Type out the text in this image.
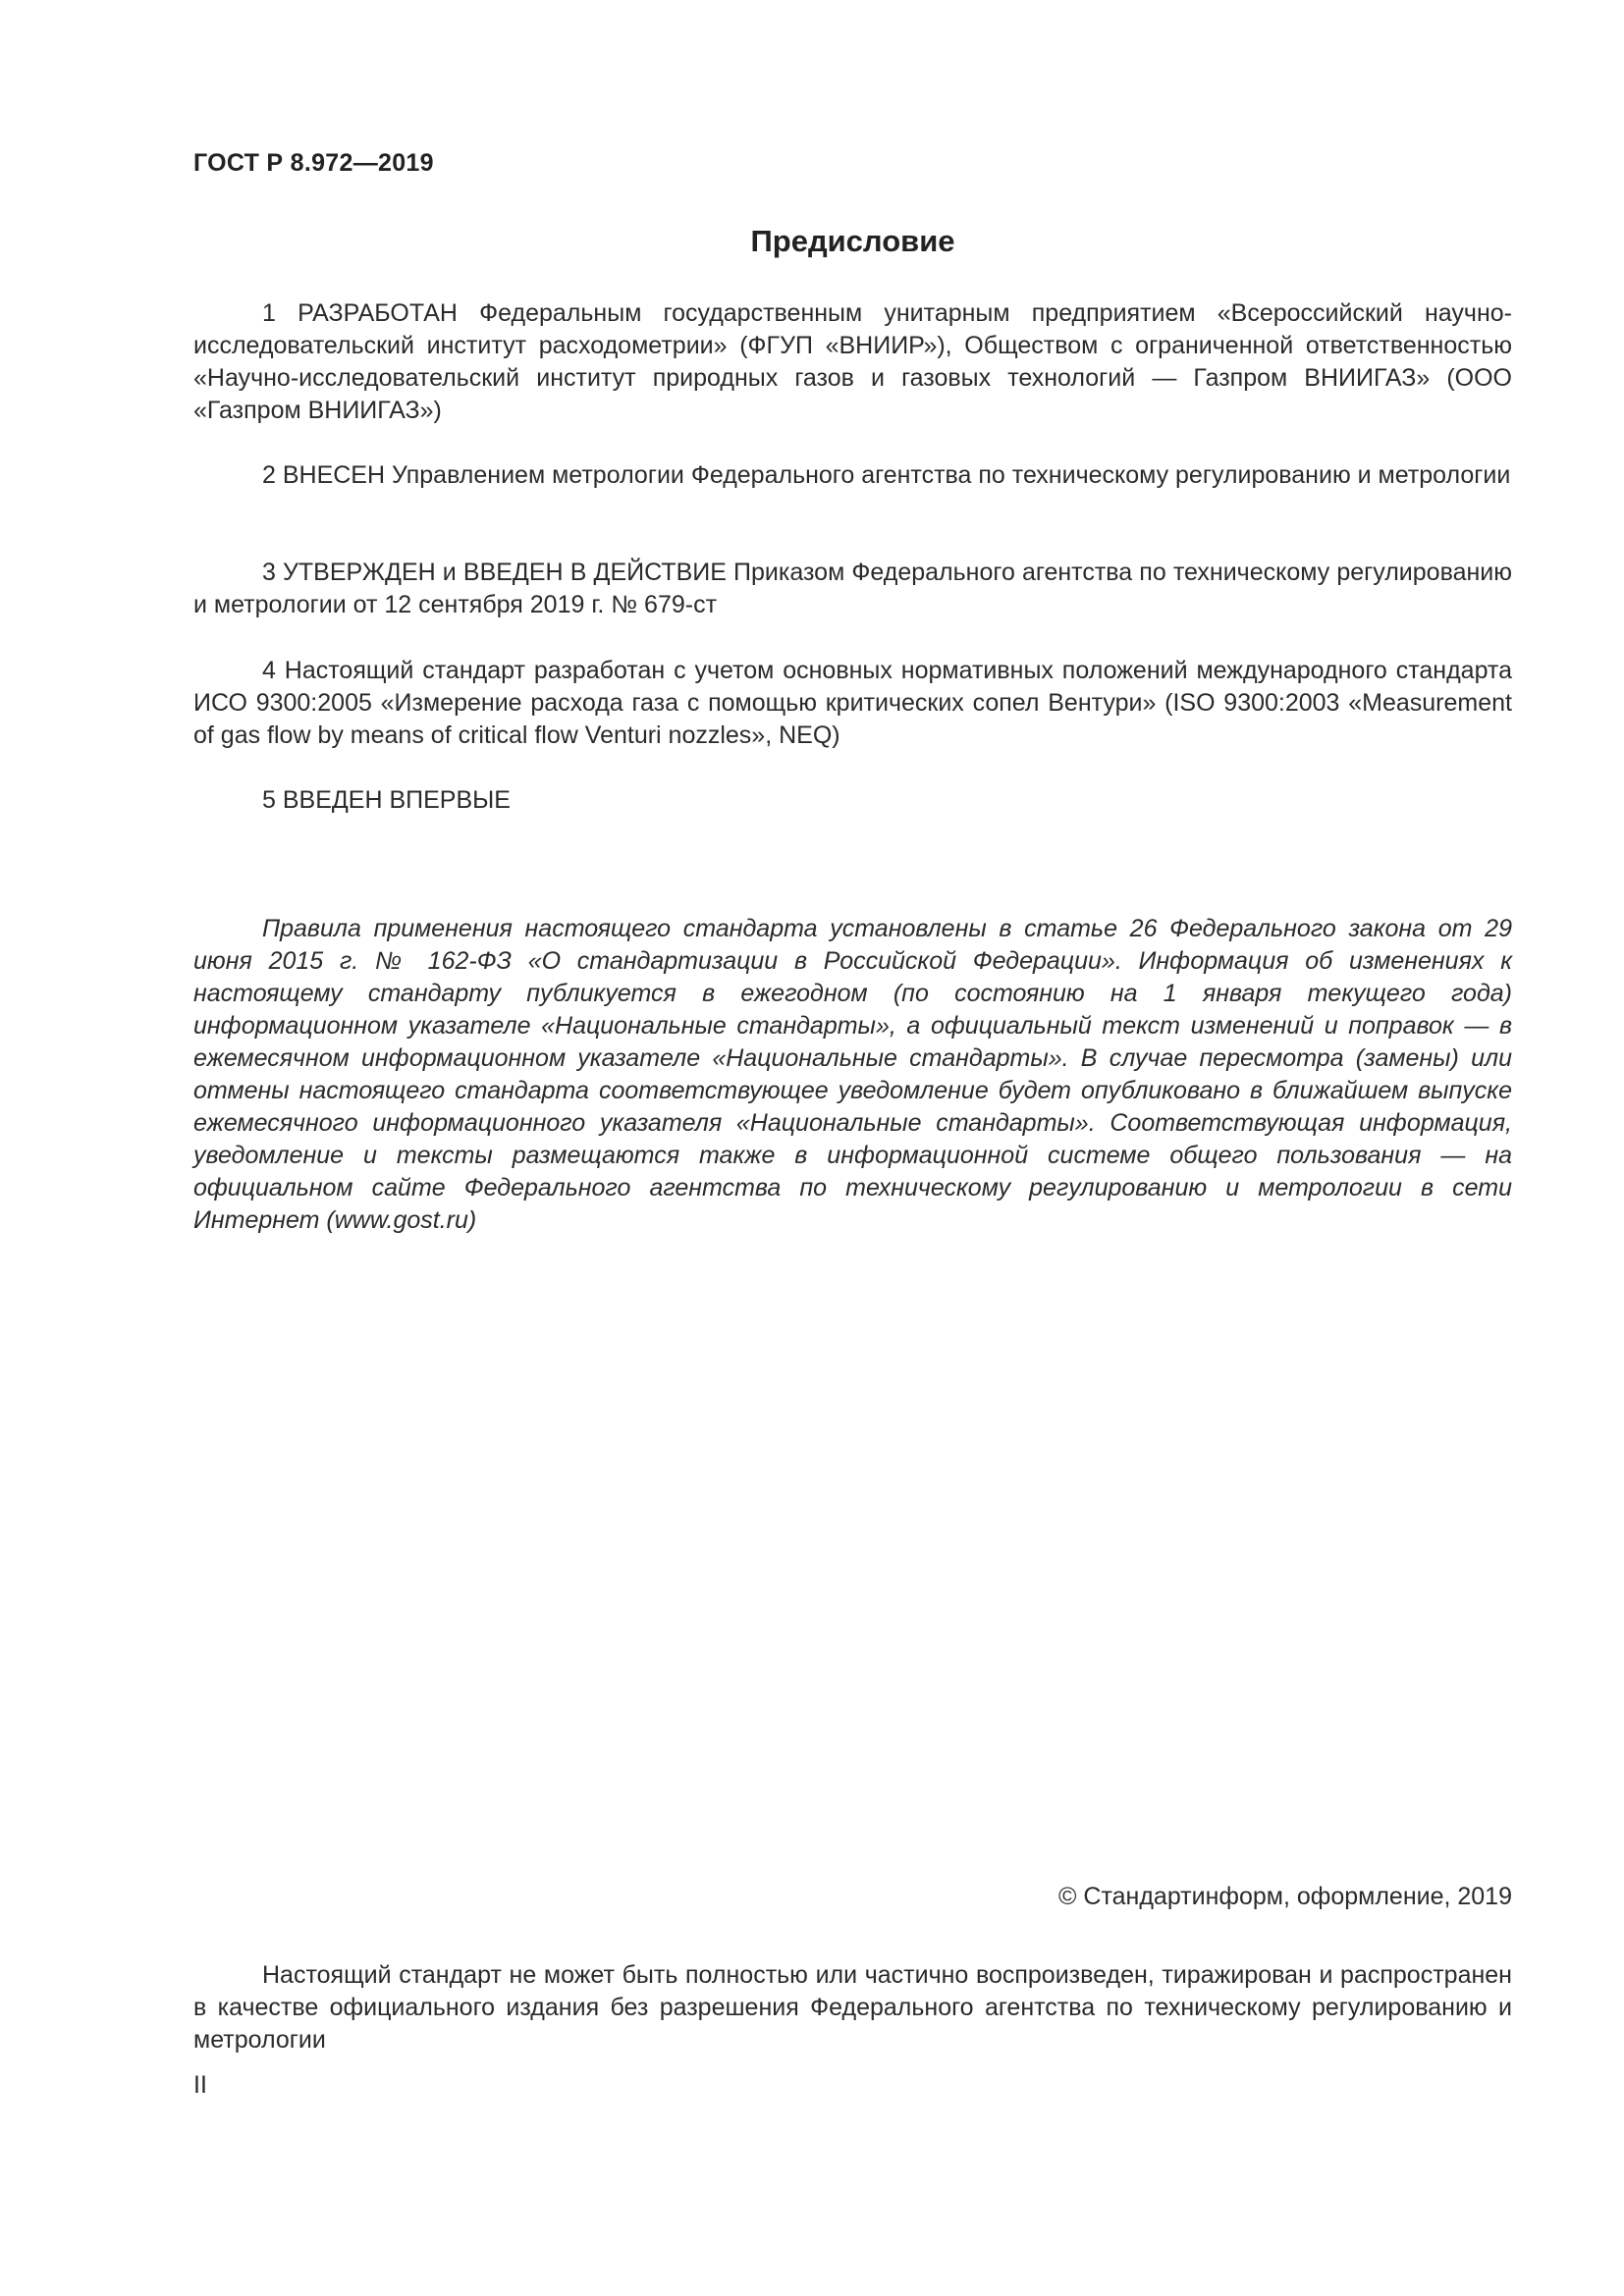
ГОСТ Р 8.972—2019
Предисловие
1 РАЗРАБОТАН Федеральным государственным унитарным предприятием «Всероссийский научно-исследовательский институт расходометрии» (ФГУП «ВНИИР»), Обществом с ограниченной ответственностью «Научно-исследовательский институт природных газов и газовых технологий — Газпром ВНИИГАЗ» (ООО «Газпром ВНИИГАЗ»)
2 ВНЕСЕН Управлением метрологии Федерального агентства по техническому регулированию и метрологии
3 УТВЕРЖДЕН и ВВЕДЕН В ДЕЙСТВИЕ Приказом Федерального агентства по техническому регулированию и метрологии от 12 сентября 2019 г. № 679-ст
4 Настоящий стандарт разработан с учетом основных нормативных положений международного стандарта ИСО 9300:2005 «Измерение расхода газа с помощью критических сопел Вентури» (ISO 9300:2003 «Measurement of gas flow by means of critical flow Venturi nozzles», NEQ)
5 ВВЕДЕН ВПЕРВЫЕ
Правила применения настоящего стандарта установлены в статье 26 Федерального закона от 29 июня 2015 г. № 162-ФЗ «О стандартизации в Российской Федерации». Информация об изменениях к настоящему стандарту публикуется в ежегодном (по состоянию на 1 января текущего года) информационном указателе «Национальные стандарты», а официальный текст изменений и поправок — в ежемесячном информационном указателе «Национальные стандарты». В случае пересмотра (замены) или отмены настоящего стандарта соответствующее уведомление будет опубликовано в ближайшем выпуске ежемесячного информационного указателя «Национальные стандарты». Соответствующая информация, уведомление и тексты размещаются также в информационной системе общего пользования — на официальном сайте Федерального агентства по техническому регулированию и метрологии в сети Интернет (www.gost.ru)
© Стандартинформ, оформление, 2019
Настоящий стандарт не может быть полностью или частично воспроизведен, тиражирован и распространен в качестве официального издания без разрешения Федерального агентства по техническому регулированию и метрологии
II
